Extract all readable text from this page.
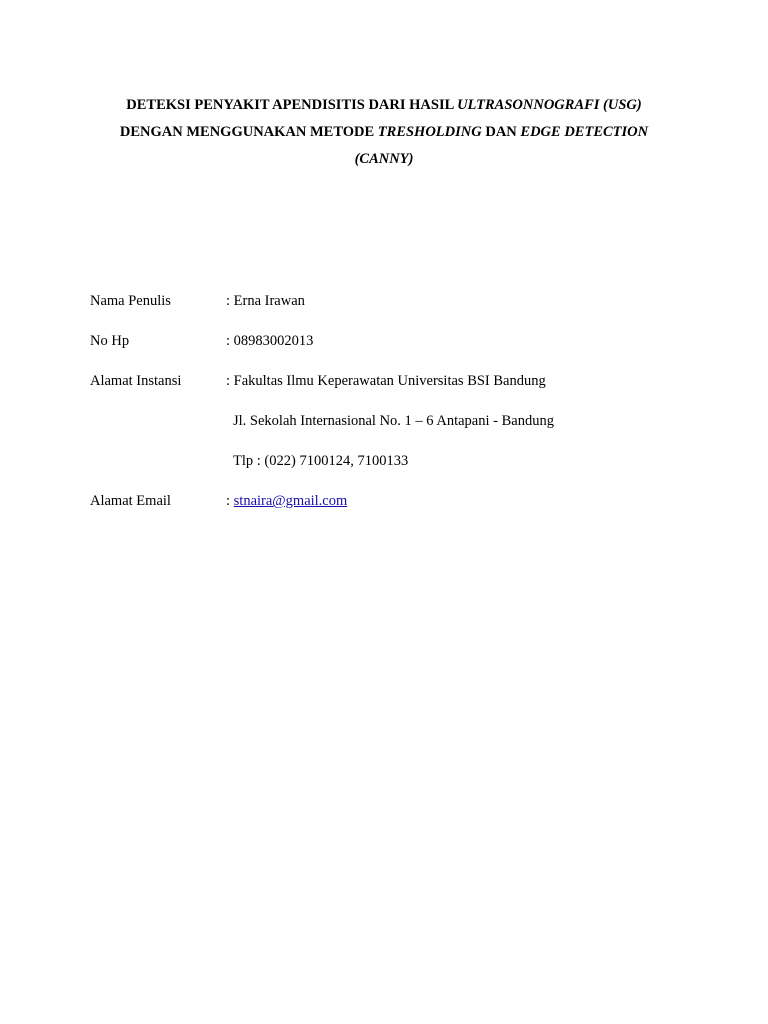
DETEKSI PENYAKIT APENDISITIS DARI HASIL ULTRASONNOGRAFI (USG)
DENGAN MENGGUNAKAN METODE TRESHOLDING DAN EDGE DETECTION
(CANNY)
Nama Penulis	: Erna Irawan
No Hp	: 08983002013
Alamat Instansi	: Fakultas Ilmu Keperawatan Universitas BSI Bandung
Jl. Sekolah Internasional No. 1 – 6 Antapani - Bandung
Tlp : (022) 7100124, 7100133
Alamat Email	: stnaira@gmail.com
